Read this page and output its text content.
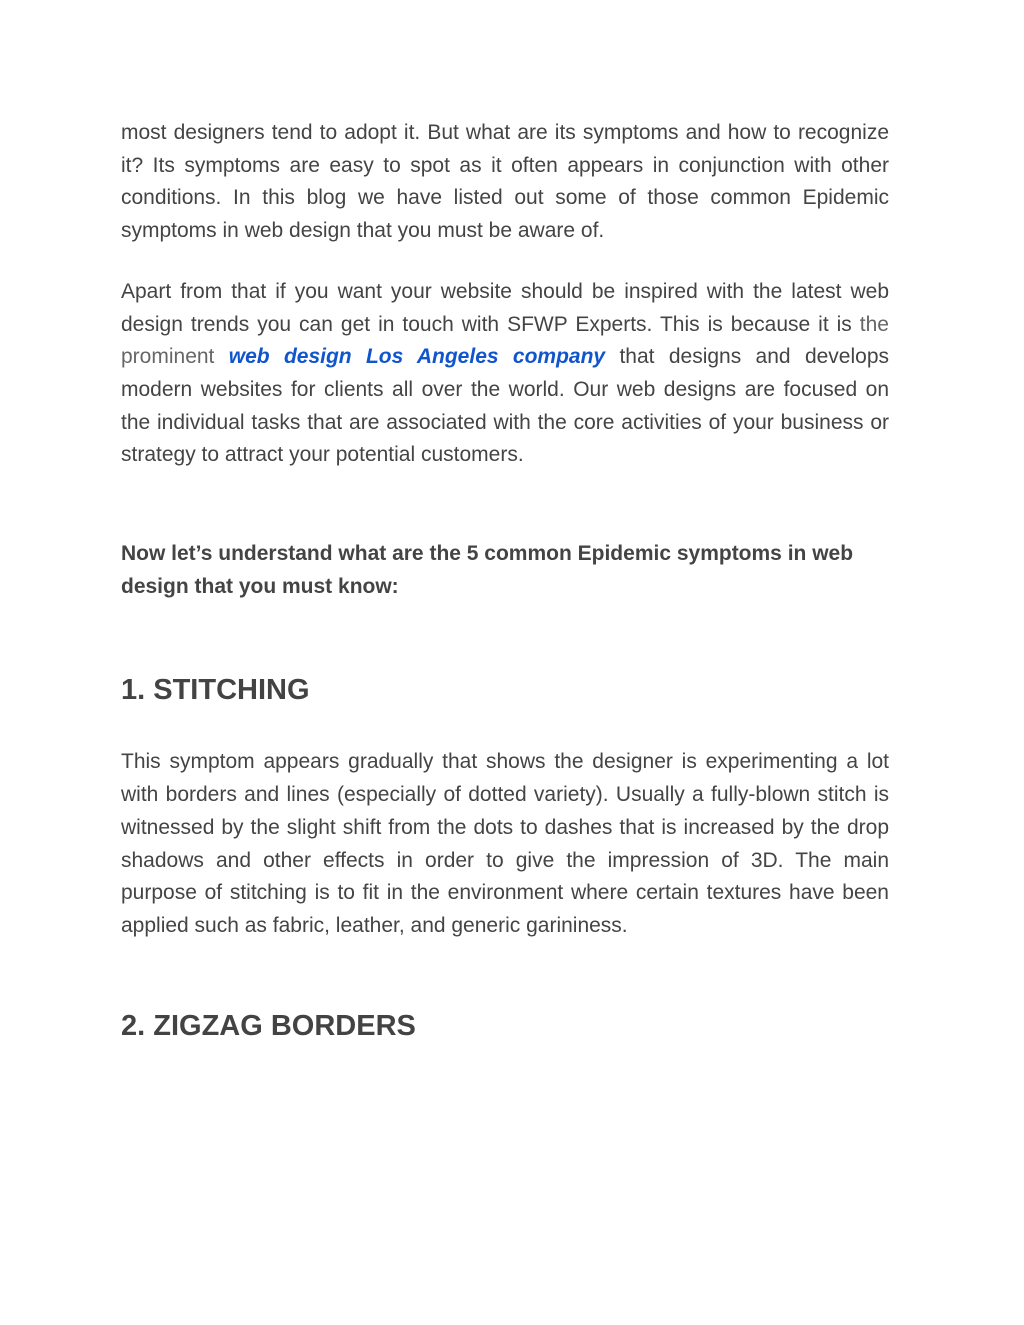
most designers tend to adopt it. But what are its symptoms and how to recognize it? Its symptoms are easy to spot as it often appears in conjunction with other conditions. In this blog we have listed out some of those common Epidemic symptoms in web design that you must be aware of.

Apart from that if you want your website should be inspired with the latest web design trends you can get in touch with SFWP Experts. This is because it is the prominent web design Los Angeles company that designs and develops modern websites for clients all over the world. Our web designs are focused on the individual tasks that are associated with the core activities of your business or strategy to attract your potential customers.

Now let’s understand what are the 5 common Epidemic symptoms in web design that you must know:

1. STITCHING

This symptom appears gradually that shows the designer is experimenting a lot with borders and lines (especially of dotted variety). Usually a fully-blown stitch is witnessed by the slight shift from the dots to dashes that is increased by the drop shadows and other effects in order to give the impression of 3D. The main purpose of stitching is to fit in the environment where certain textures have been applied such as fabric, leather, and generic garininess.

2. ZIGZAG BORDERS
